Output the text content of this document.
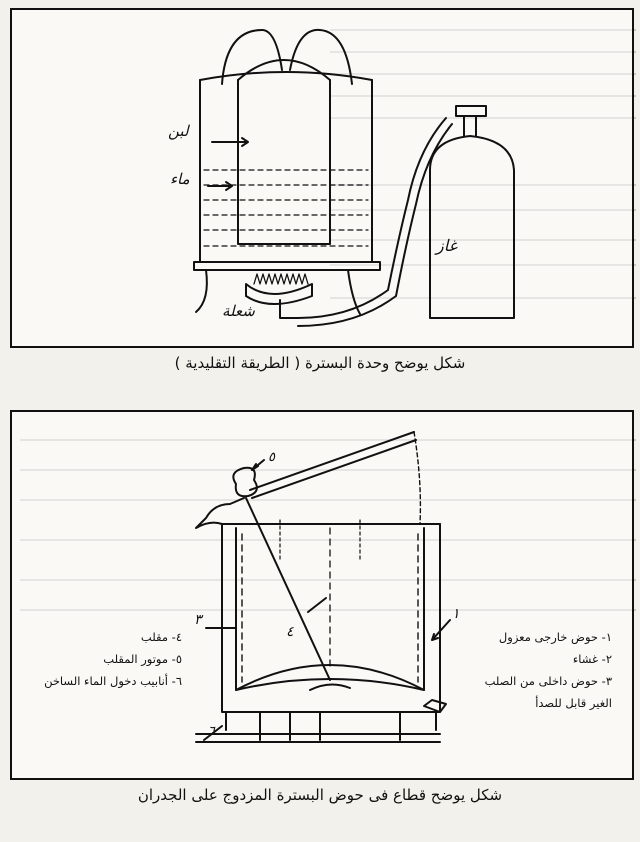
لبن
ماء
غاز
شعلة
شكل يوضح وحدة البسترة ( الطريقة التقليدية )
٥
١
٣
٤
٦
١- حوض خارجى معزول
٢- غشاء
٣- حوض داخلى من الصلب
الغير قابل للصدأ
٤- مقلب
٥- موتور المقلب
٦- أنابيب دخول الماء الساخن
شكل يوضح قطاع فى حوض البسترة المزدوج على الجدران
